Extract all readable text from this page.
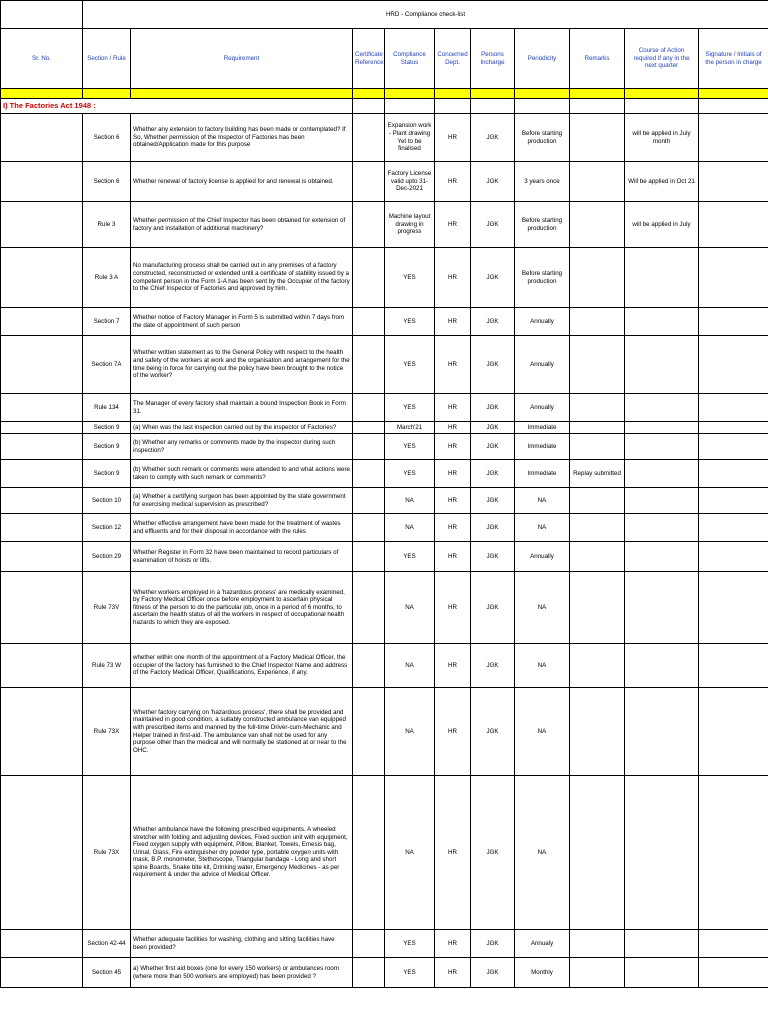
	HRD - Compliance check-list									
Sr. No.	Section / Rule	Requirement	Certificate Reference	Compliance Status	Concerned Dept.	Persons Incharge	Periodicity	Remarks	Course of Action required if any in the next quarter	Signature / Initials of the person in charge

I) The Factories Act 1948 :										
	Section 6	Whether any extension to factory building has been made or contemplated? If So, Whether permission of the Inspector of Factories has been obtained/Application made for this purpose		Expansion work - Plant drawing Yet to be finalised	HR	JGK	Before starting production		will be applied in July month	
	Section 6	Whether renewal of factory license is applied for and renewal is obtained.		Factory License valid upto 31-Dec-2021	HR	JGK	3 years once		Will be applied in Oct 21	
	Rule 3	Whether permission of the Chief Inspector has been obtained for extension of factory and installation of additional machinery?		Machine layout drawing in progress	HR	JGK	Before starting production		will be applied in July	
	Rule 3 A	No manufacturing process shall be carried out in any premises of a factory constructed, reconstructed or extended until a certificate of stability issued by a competent person in the Form 1-A has been sent by the Occupier of the factory to the Chief Inspector of Factories and approved by him.		YES	HR	JGK	Before starting production			
	Section 7	Whether notice of Factory Manager in Form 5 is submitted within 7 days from the date of appointment of such person		YES	HR	JGK	Annually			
	Section 7A	Whether written statement as to the General Policy with respect to the health and safety of the workers at work and the organisation and arrangement for the time being in force for carrying out the policy have been brought to the notice of the worker?		YES	HR	JGK	Annually			
	Rule 134	The Manager of every factory shall maintain a bound Inspection Book in Form 31.		YES	HR	JGK	Annually			
	Section 9	(a) When was the last inspection carried out by the inspector of Factories?		March'21	HR	JGK	Immediate			
	Section 9	(b) Whether any remarks or comments made by the inspector during such inspection?		YES	HR	JGK	Immediate			
	Section 9	(b) Whether such remark or comments were attended to and what actions were taken to comply with such remark or comments?		YES	HR	JGK	Immediate	Replay submitted		
	Section 10	(a) Whether a certifying surgeon has been appointed by the state government for exercising medical supervision as prescribed?		NA	HR	JGK	NA			
	Section 12	Whether effective arrangement have been made for the treatment of wastes and effluents and for their disposal in accordance with the rules		NA	HR	JGK	NA			
	Section 29	Whether Register in Form 32 have been maintained to record particulars of examination of hoists or lifts.		YES	HR	JGK	Annually			
	Rule 73V	Whether workers employed in a 'hazardous process' are medically examined, by Factory Medical Officer once before employment to ascertain physical fitness of the person to do the particular job, once in a period of 6 months, to ascertain the health status of all the workers in respect of occupational health hazards to which they are exposed.		NA	HR	JGK	NA			
	Rule 73 W	whether within one month of the appointment of a Factory Medical Officer, the occupier of the factory has furnished to the Chief Inspector Name and address of the Factory Medical Officer, Qualifications, Experience, if any.		NA	HR	JGK	NA			
	Rule 73X	Whether factory carrying on 'hazardous process', there shall be provided and maintained in good condition, a suitably constructed ambulance van equipped with prescribed items and manned by the full-time Driver-cum-Mechanic and Helper trained in first-aid. The ambulance van shall not be used for any purpose other than the medical and will normally be stationed at or near to the OHC.		NA	HR	JGK	NA			
	Rule 73X	Whether ambulance have the following prescribed equipments. A wheeled stretcher with folding and adjusting devices, Fixed suction unit with equipment, Fixed oxygen supply with equipment, Pillow, Blanket, Towels, Emesis bag, Urinal, Glass, Fire extinguisher dry powder type, portable oxygen units with mask, B.P. monometer, Stethoscope, Triangular bandage - Long and short spine Boards, Snake bite kit, Drinking water, Emergency Medicines - as per requirement & under the advice of Medical Officer.		NA	HR	JGK	NA			
	Section 42-44	Whether adequate facilities for washing, clothing and sitting facilities have been provided?		YES	HR	JGK	Annualy			
	Section 45	a) Whether first aid boxes (one for every 150 workers) or ambulances room (where more than 500 workers are employed) has been provided ?		YES	HR	JGK	Monthly			
